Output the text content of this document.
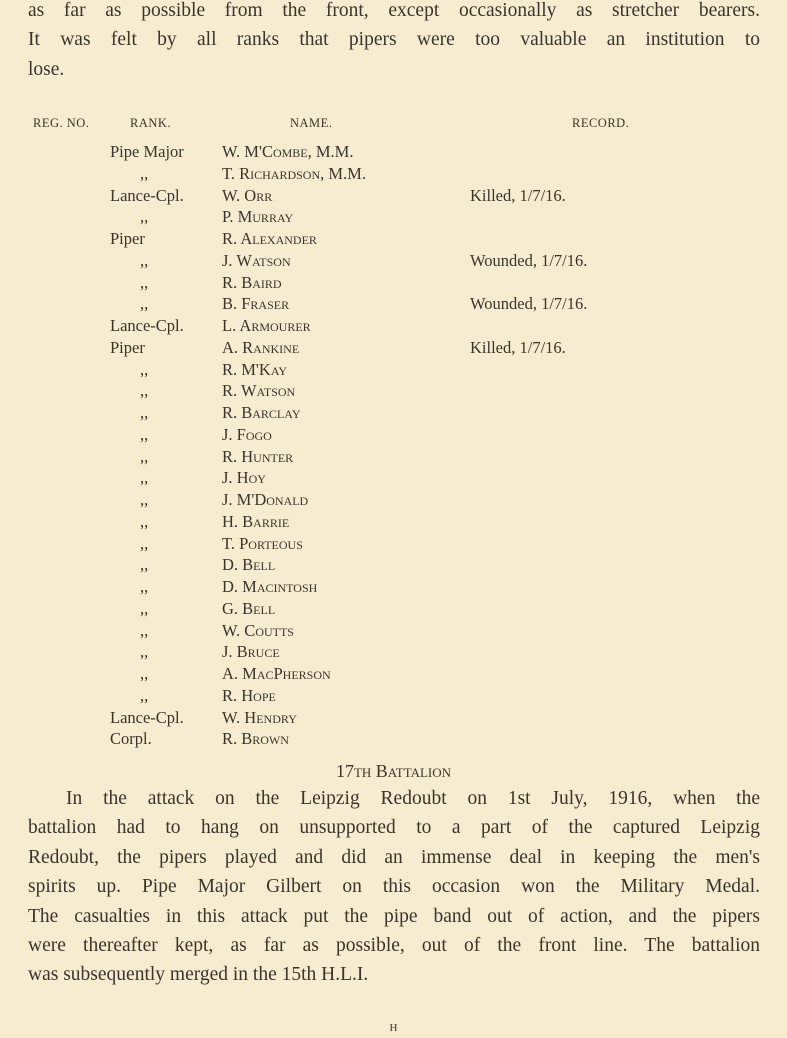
as far as possible from the front, except occasionally as stretcher bearers.
It was felt by all ranks that pipers were too valuable an institution to
lose.
REG. NO.	RANK.	NAME.	RECORD.
Pipe Major W. M'Combe, M.M.
,,	T. Richardson, M.M.
Lance-Cpl. W. Orr	Killed, 1/7/16.
,,	P. Murray
Piper	R. Alexander
,,	J. Watson	Wounded, 1/7/16.
,,	R. Baird
,,	B. Fraser	Wounded, 1/7/16.
Lance-Cpl. L. Armourer
Piper	A. Rankine	Killed, 1/7/16.
,,	R. M'Kay
,,	R. Watson
,,	R. Barclay
,,	J. Fogo
,,	R. Hunter
,,	J. Hoy
,,	J. M'Donald
,,	H. Barrie
,,	T. Porteous
,,	D. Bell
,,	D. Macintosh
,,	G. Bell
,,	W. Coutts
,,	J. Bruce
,,	A. MacPherson
,,	R. Hope
Lance-Cpl. W. Hendry
Corpl.	R. Brown
17th Battalion
In the attack on the Leipzig Redoubt on 1st July, 1916, when the
battalion had to hang on unsupported to a part of the captured Leipzig
Redoubt, the pipers played and did an immense deal in keeping the men's
spirits up. Pipe Major Gilbert on this occasion won the Military Medal.
The casualties in this attack put the pipe band out of action, and the pipers
were thereafter kept, as far as possible, out of the front line. The battalion
was subsequently merged in the 15th H.L.I.
H
